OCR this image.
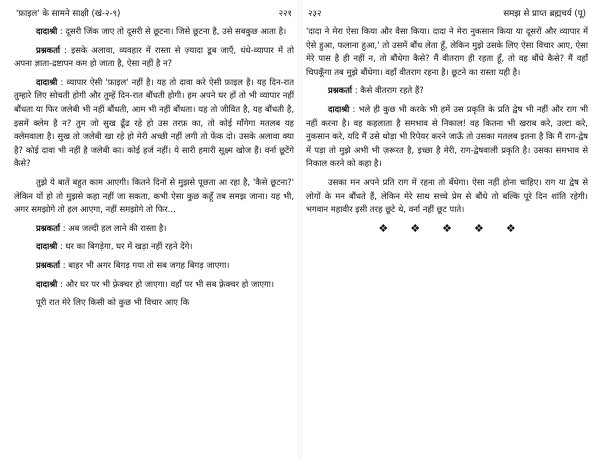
'फ़ाइल' के सामने साक्षी (खं-२-९)	२२१

दादाश्री : दूसरी जिंक जाए तो दूसरी से छूटना। जिसे छूटना है, उसे सबकुछ आता है।

प्रश्नकर्ता : इसके अलावा, व्यवहार में रास्ता से ज़्यादा डूब जाएँ, धंधे-व्यापार में तो अपना ज्ञाता-द्रष्टापन कम हो जाता है, ऐसा नहीं है न?

दादाश्री : व्यापार ऐसी 'फ़ाइल' नहीं है। यह तो दावा करे ऐसी फ़ाइल है। यह दिन-रात तुम्हारे लिए सोचती होगी और तुम्हें दिन-रात बौंधती होगी। हम अपने घर हों तो भी व्यापार नहीं बौंधता या फिर जलेबी भी नहीं बौंधती, आम भी नहीं बौंधता। यह तो जीवित है, यह बौंधती है, इसमें क्लेम है न? तुम जो सुख ढूँढ रहे हो उस तरफ़ का, तो कोई माँगेगा मतलब यह क्लेमवाला है। सुख तो जलेबी खा रहे हो मेरी अच्छी नहीं लगी तो फेंक दो। उसके अलावा क्या है? कोई दावा भी नहीं है जलेबी का। कोई हर्ज नहीं। ये सारी हमारी सूक्ष्म खोज हैं। वर्ना छूटेंगे कैसे?

तुझे ये बातें बहुत काम आएगी। कितने दिनों से मुझसे पूछता आ रहा है, 'कैसे छूटना?' लेकिन यों हो तो मुझसे कहा नहीं जा सकता, कभी ऐसा कुछ कहूँ तब समझ जाना। यह भी, अगर समझोगे तो हल आएगा, नहीं समझोगे तो फिर...

प्रश्नकर्ता : अब जल्दी हल लाने की रास्ता है।

दादाश्री : घर का बिगड़ेगा, घर में खड़ा नहीं रहने देंगे।

प्रश्नकर्ता : बाहर भी अगर बिगड़ गया तो सब जगह बिगड़ जाएगा।

दादाश्री : और घर पर भी फ़्रेक्चर हो जाएगा। वहाँ पर भी सब फ़्रेक्चर हो जाएगा।

पूरी रात मेरे लिए किसी को कुछ भी विचार आए कि

२३२	समझ से प्राप्त ब्रह्मचर्य (पू)

'दादा ने मेरा ऐसा किया और वैसा किया। दादा ने मेरा नुकसान किया या दूसरों और व्यापार में ऐसे हुआ, फलाना हुआ,' तो उसमें बौंध लेता हूँ, लेकिन मुझे उसके लिए ऐसा विचार आए, ऐसा मेरे पास है ही नहीं न, तो बौंधेगा कैसे? मैं वीतराग ही रहता हूँ, तो वह बौंधे कैसे? मैं वहाँ चिपकूँगा तब मुझे बौंधेगा। वहाँ वीतराग रहना है। छूटने का रास्ता यही है।

प्रश्नकर्ता : कैसे वीतराग रहते हैं?

दादाश्री : भले ही कुछ भी करके भी हमें उस प्रकृति के प्रति द्वेष भी नहीं और राग भी नहीं करना है। वह कहलाता है समभाव से निकाल! वह कितना भी खराब करे, उल्टा करे, नुकसान करे, यदि मैं उसे थोड़ा भी रिपेयर करने जाऊँ तो उसका मतलब इतना है कि मैं राग-द्वेष में पड़ा तो मुझे अभी भी ज़रूरत है, इच्छा है मेरी, राग-द्वेषवाली प्रकृति है। उसका समभाव से निकाल करने को कहा है।

उसका मन अपने प्रति राग में रहना तो बँधेगा। ऐसा नहीं होना चाहिए। राग या द्वेष से लोगों के मन बौंधते हैं, लेकिन मेरे साथ सच्चे प्रेम से बौंधे तो बल्कि पूरे दिन शांति रहेगी। भगवान महावीर इसी तरह छूटे थे, वर्ना नहीं छूट पाते।

❖ ❖ ❖ ❖ ❖
